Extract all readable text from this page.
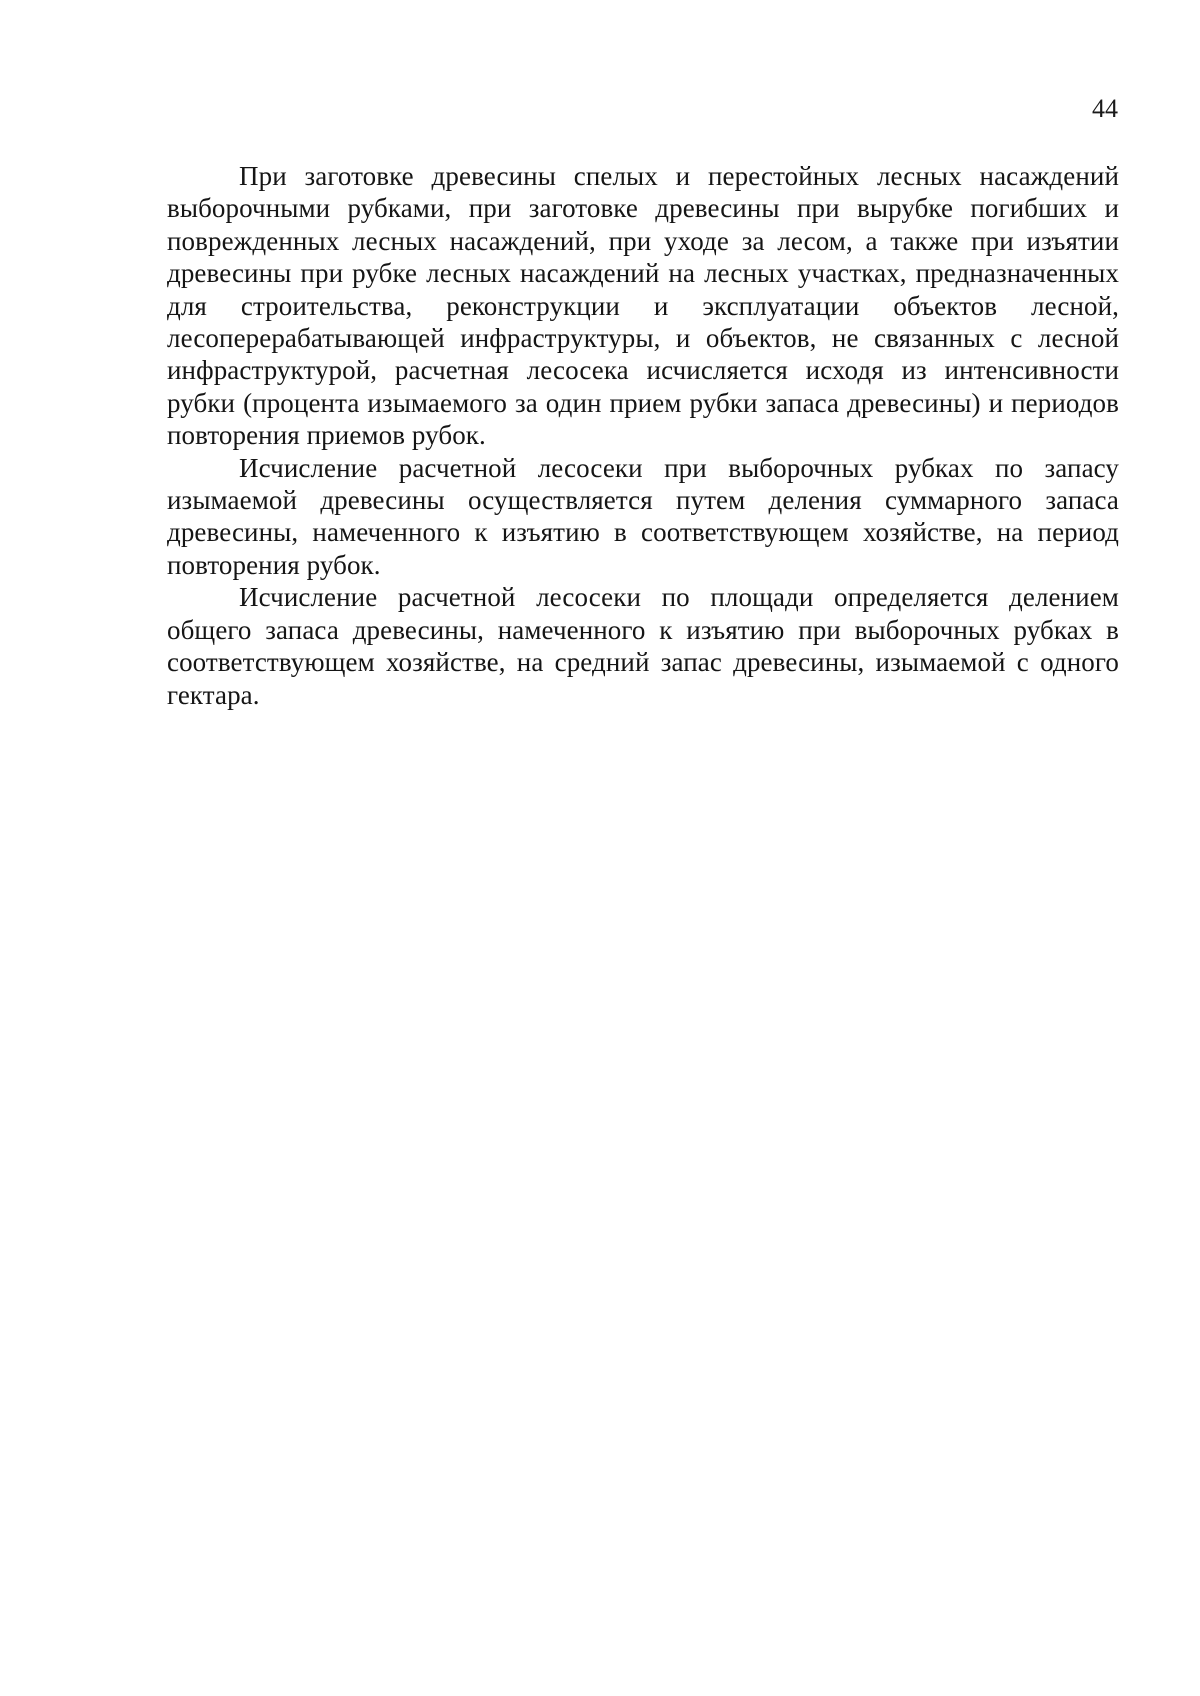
44

При заготовке древесины спелых и перестойных лесных насаждений выборочными рубками, при заготовке древесины при вырубке погибших и поврежденных лесных насаждений, при уходе за лесом, а также при изъятии древесины при рубке лесных насаждений на лесных участках, предназначенных для строительства, реконструкции и эксплуатации объектов лесной, лесоперерабатывающей инфраструктуры, и объектов, не связанных с лесной инфраструктурой, расчетная лесосека исчисляется исходя из интенсивности рубки (процента изымаемого за один прием рубки запаса древесины) и периодов повторения приемов рубок.

Исчисление расчетной лесосеки при выборочных рубках по запасу изымаемой древесины осуществляется путем деления суммарного запаса древесины, намеченного к изъятию в соответствующем хозяйстве, на период повторения рубок.

Исчисление расчетной лесосеки по площади определяется делением общего запаса древесины, намеченного к изъятию при выборочных рубках в соответствующем хозяйстве, на средний запас древесины, изымаемой с одного гектара.
